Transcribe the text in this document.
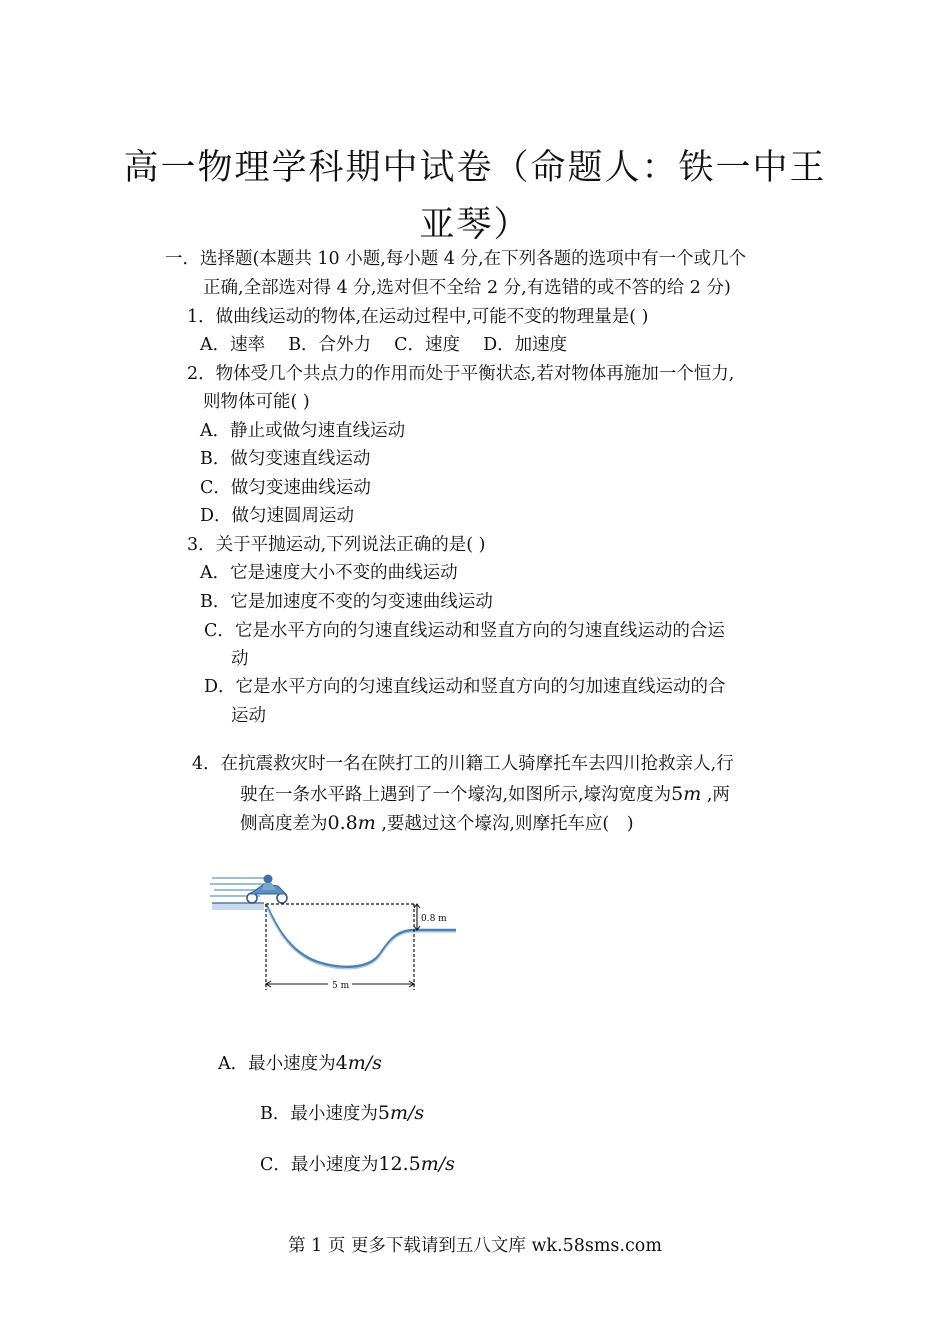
高一物理学科期中试卷（命题人：铁一中王
亚琴）
一．选择题(本题共 10 小题,每小题 4 分,在下列各题的选项中有一个或几个
正确,全部选对得 4 分,选对但不全给 2 分,有选错的或不答的给 2 分)
1．做曲线运动的物体,在运动过程中,可能不变的物理量是( )
A．速率　 B．合外力　 C．速度　 D．加速度
2．物体受几个共点力的作用而处于平衡状态,若对物体再施加一个恒力,
则物体可能( )
A．静止或做匀速直线运动
B．做匀变速直线运动
C．做匀变速曲线运动
D．做匀速圆周运动
3．关于平抛运动,下列说法正确的是( )
A．它是速度大小不变的曲线运动
B．它是加速度不变的匀变速曲线运动
C．它是水平方向的匀速直线运动和竖直方向的匀速直线运动的合运
动
D．它是水平方向的匀速直线运动和竖直方向的匀加速直线运动的合
运动
4．在抗震救灾时一名在陕打工的川籍工人骑摩托车去四川抢救亲人,行
驶在一条水平路上遇到了一个壕沟,如图所示,壕沟宽度为5m ,两
侧高度差为0.8m ,要越过这个壕沟,则摩托车应(　)
0.8 m
5 m
A．最小速度为4m/s
B．最小速度为5m/s
C．最小速度为12.5m/s
第 1 页 更多下载请到五八文库 wk.58sms.com
